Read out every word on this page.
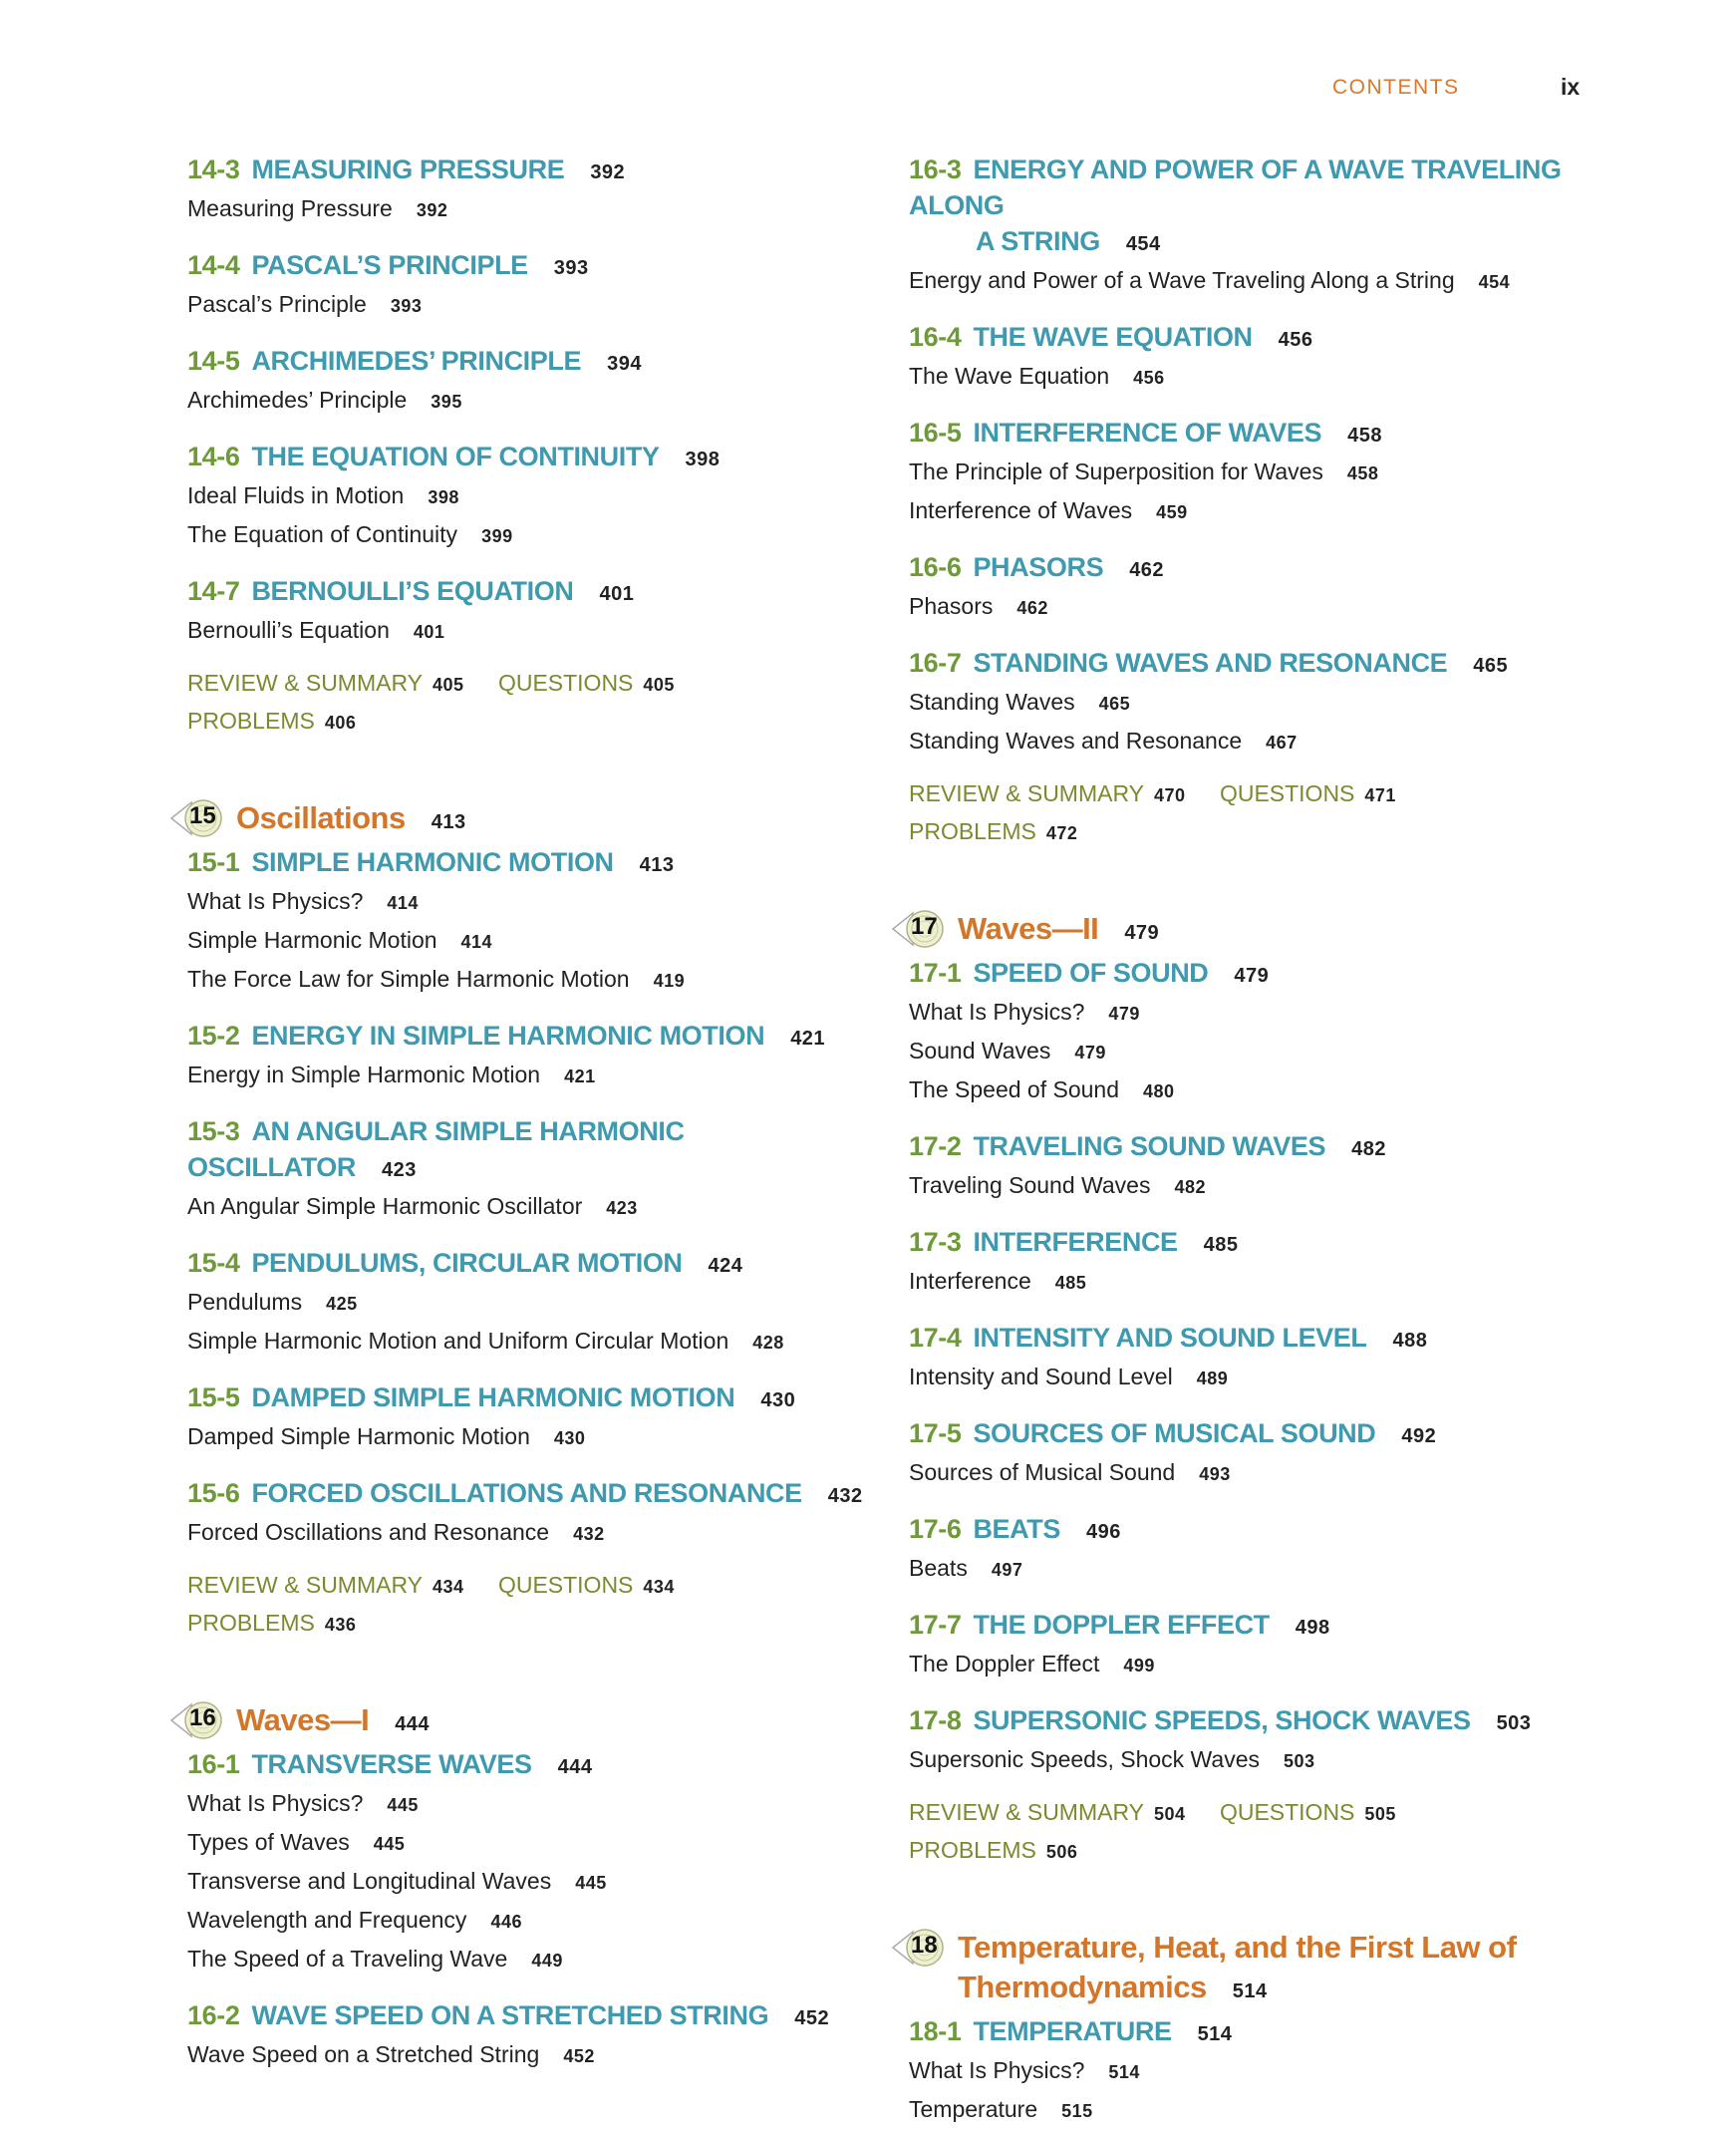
CONTENTS	ix
14-3 MEASURING PRESSURE 392
Measuring Pressure 392
14-4 PASCAL’S PRINCIPLE 393
Pascal’s Principle 393
14-5 ARCHIMEDES’ PRINCIPLE 394
Archimedes’ Principle 395
14-6 THE EQUATION OF CONTINUITY 398
Ideal Fluids in Motion 398
The Equation of Continuity 399
14-7 BERNOULLI’S EQUATION 401
Bernoulli’s Equation 401
REVIEW & SUMMARY 405 QUESTIONS 405 PROBLEMS 406
15 Oscillations 413
15-1 SIMPLE HARMONIC MOTION 413
What Is Physics? 414
Simple Harmonic Motion 414
The Force Law for Simple Harmonic Motion 419
15-2 ENERGY IN SIMPLE HARMONIC MOTION 421
Energy in Simple Harmonic Motion 421
15-3 AN ANGULAR SIMPLE HARMONIC OSCILLATOR 423
An Angular Simple Harmonic Oscillator 423
15-4 PENDULUMS, CIRCULAR MOTION 424
Pendulums 425
Simple Harmonic Motion and Uniform Circular Motion 428
15-5 DAMPED SIMPLE HARMONIC MOTION 430
Damped Simple Harmonic Motion 430
15-6 FORCED OSCILLATIONS AND RESONANCE 432
Forced Oscillations and Resonance 432
REVIEW & SUMMARY 434 QUESTIONS 434 PROBLEMS 436
16 Waves—I 444
16-1 TRANSVERSE WAVES 444
What Is Physics? 445
Types of Waves 445
Transverse and Longitudinal Waves 445
Wavelength and Frequency 446
The Speed of a Traveling Wave 449
16-2 WAVE SPEED ON A STRETCHED STRING 452
Wave Speed on a Stretched String 452
16-3 ENERGY AND POWER OF A WAVE TRAVELING ALONG
A STRING 454
Energy and Power of a Wave Traveling Along a String 454
16-4 THE WAVE EQUATION 456
The Wave Equation 456
16-5 INTERFERENCE OF WAVES 458
The Principle of Superposition for Waves 458
Interference of Waves 459
16-6 PHASORS 462
Phasors 462
16-7 STANDING WAVES AND RESONANCE 465
Standing Waves 465
Standing Waves and Resonance 467
REVIEW & SUMMARY 470 QUESTIONS 471 PROBLEMS 472
17 Waves—II 479
17-1 SPEED OF SOUND 479
What Is Physics? 479
Sound Waves 479
The Speed of Sound 480
17-2 TRAVELING SOUND WAVES 482
Traveling Sound Waves 482
17-3 INTERFERENCE 485
Interference 485
17-4 INTENSITY AND SOUND LEVEL 488
Intensity and Sound Level 489
17-5 SOURCES OF MUSICAL SOUND 492
Sources of Musical Sound 493
17-6 BEATS 496
Beats 497
17-7 THE DOPPLER EFFECT 498
The Doppler Effect 499
17-8 SUPERSONIC SPEEDS, SHOCK WAVES 503
Supersonic Speeds, Shock Waves 503
REVIEW & SUMMARY 504 QUESTIONS 505 PROBLEMS 506
18 Temperature, Heat, and the First Law of Thermodynamics 514
18-1 TEMPERATURE 514
What Is Physics? 514
Temperature 515
